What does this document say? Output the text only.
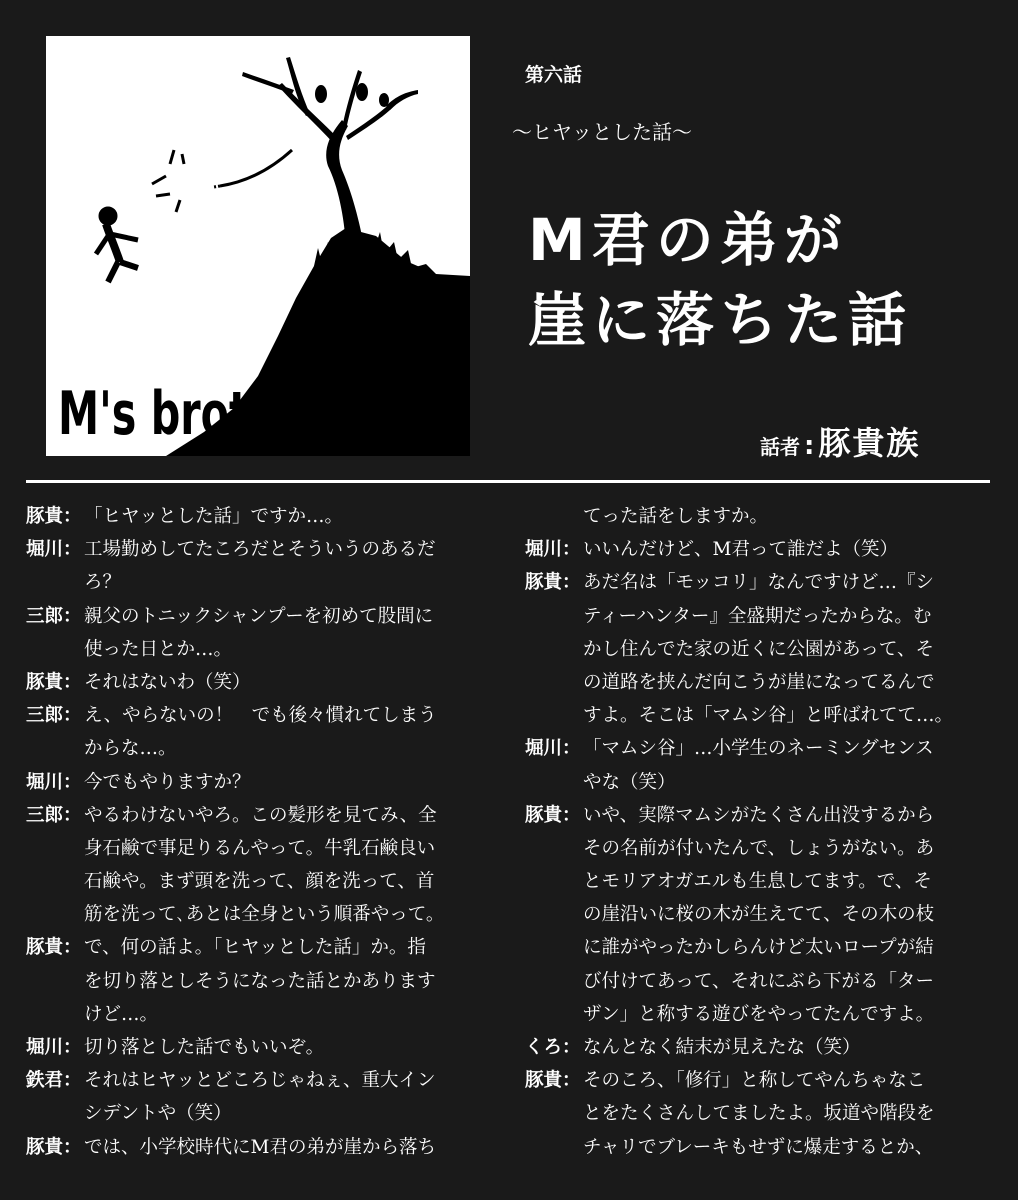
M's brother died.
第六話
〜ヒヤッとした話〜
M君の弟が
崖に落ちた話
話者 : 豚貴族
豚貴： 「ヒヤッとした話」ですか…。
堀川： 工場勤めしてたころだとそういうのあるだ
ろ？
三郎： 親父のトニックシャンプーを初めて股間に
使った日とか…。
豚貴： それはないわ（笑）
三郎： え、やらないの！　でも後々慣れてしまう
からな…。
堀川： 今でもやりますか？
三郎： やるわけないやろ。この髪形を見てみ、全
身石鹸で事足りるんやって。牛乳石鹸良い
石鹸や。まず頭を洗って、顔を洗って、首
筋を洗って､あとは全身という順番やって。
豚貴： で、何の話よ。「ヒヤッとした話」か。指
を切り落としそうになった話とかあります
けど…。
堀川： 切り落とした話でもいいぞ。
鉄君： それはヒヤッとどころじゃねぇ、重大イン
シデントや（笑）
豚貴： では、小学校時代にM君の弟が崖から落ち
てった話をしますか。
堀川： いいんだけど、M君って誰だよ（笑）
豚貴： あだ名は「モッコリ」なんですけど…『シ
ティーハンター』全盛期だったからな。む
かし住んでた家の近くに公園があって、そ
の道路を挟んだ向こうが崖になってるんで
すよ。そこは「マムシ谷」と呼ばれてて…。
堀川： 「マムシ谷」…小学生のネーミングセンス
やな（笑）
豚貴： いや、実際マムシがたくさん出没するから
その名前が付いたんで、しょうがない。あ
とモリアオガエルも生息してます。で、そ
の崖沿いに桜の木が生えてて、その木の枝
に誰がやったかしらんけど太いロープが結
び付けてあって、それにぶら下がる「ター
ザン」と称する遊びをやってたんですよ。
くろ： なんとなく結末が見えたな（笑）
豚貴： そのころ、「修行」と称してやんちゃなこ
とをたくさんしてましたよ。坂道や階段を
チャリでブレーキもせずに爆走するとか、
